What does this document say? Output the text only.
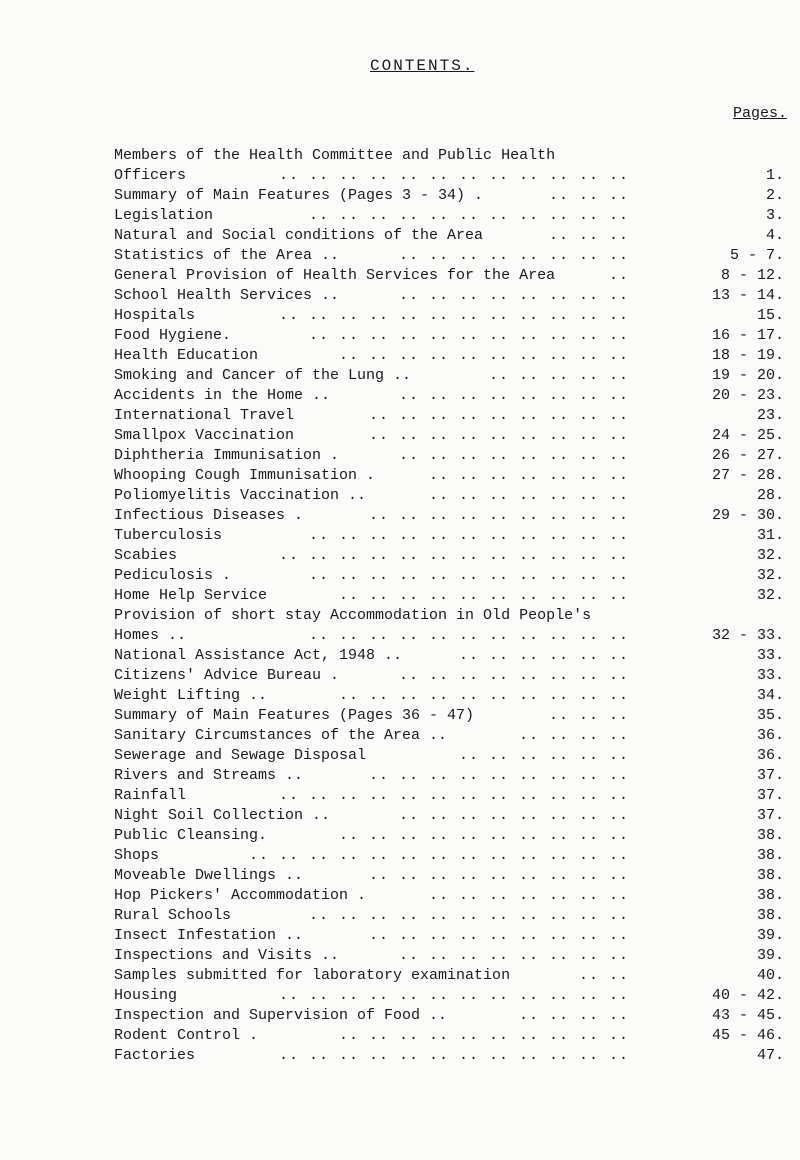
CONTENTS.
Pages.
Members of the Health Committee and Public Health
Officers	.. .. .. .. .. .. .. .. .. .. .. ..	1.
Summary of Main Features (Pages 3 - 34) .	.. .. ..	2.
Legislation	.. .. .. .. .. .. .. .. .. .. ..	3.
Natural and Social conditions of the Area	.. .. ..	4.
Statistics of the Area ..	.. .. .. .. .. .. .. ..	5 - 7.
General Provision of Health Services for the Area	..	8 - 12.
School Health Services ..	.. .. .. .. .. .. .. ..	13 - 14.
Hospitals	.. .. .. .. .. .. .. .. .. .. .. ..	15.
Food Hygiene.	.. .. .. .. .. .. .. .. .. .. ..	16 - 17.
Health Education	.. .. .. .. .. .. .. .. .. ..	18 - 19.
Smoking and Cancer of the Lung ..	.. .. .. .. ..	19 - 20.
Accidents in the Home ..	.. .. .. .. .. .. .. ..	20 - 23.
International Travel	.. .. .. .. .. .. .. .. ..	23.
Smallpox Vaccination	.. .. .. .. .. .. .. .. ..	24 - 25.
Diphtheria Immunisation .	.. .. .. .. .. .. .. ..	26 - 27.
Whooping Cough Immunisation .	.. .. .. .. .. .. ..	27 - 28.
Poliomyelitis Vaccination ..	.. .. .. .. .. .. ..	28.
Infectious Diseases .	.. .. .. .. .. .. .. .. ..	29 - 30.
Tuberculosis	.. .. .. .. .. .. .. .. .. .. ..	31.
Scabies	.. .. .. .. .. .. .. .. .. .. .. ..	32.
Pediculosis .	.. .. .. .. .. .. .. .. .. .. ..	32.
Home Help Service	.. .. .. .. .. .. .. .. .. ..	32.
Provision of short stay Accommodation in Old People's
Homes ..	.. .. .. .. .. .. .. .. .. .. ..	32 - 33.
National Assistance Act, 1948 ..	.. .. .. .. .. ..	33.
Citizens' Advice Bureau .	.. .. .. .. .. .. .. ..	33.
Weight Lifting ..	.. .. .. .. .. .. .. .. .. ..	34.
Summary of Main Features (Pages 36 - 47)	.. .. ..	35.
Sanitary Circumstances of the Area ..	.. .. .. ..	36.
Sewerage and Sewage Disposal	.. .. .. .. .. ..	36.
Rivers and Streams ..	.. .. .. .. .. .. .. .. ..	37.
Rainfall	.. .. .. .. .. .. .. .. .. .. .. ..	37.
Night Soil Collection ..	.. .. .. .. .. .. .. ..	37.
Public Cleansing.	.. .. .. .. .. .. .. .. .. ..	38.
Shops	.. .. .. .. .. .. .. .. .. .. .. .. ..	38.
Moveable Dwellings ..	.. .. .. .. .. .. .. .. ..	38.
Hop Pickers' Accommodation .	.. .. .. .. .. .. ..	38.
Rural Schools	.. .. .. .. .. .. .. .. .. .. ..	38.
Insect Infestation ..	.. .. .. .. .. .. .. .. ..	39.
Inspections and Visits ..	.. .. .. .. .. .. .. ..	39.
Samples submitted for laboratory examination	.. ..	40.
Housing	.. .. .. .. .. .. .. .. .. .. .. ..	40 - 42.
Inspection and Supervision of Food ..	.. .. .. ..	43 - 45.
Rodent Control .	.. .. .. .. .. .. .. .. .. ..	45 - 46.
Factories	.. .. .. .. .. .. .. .. .. .. .. ..	47.
